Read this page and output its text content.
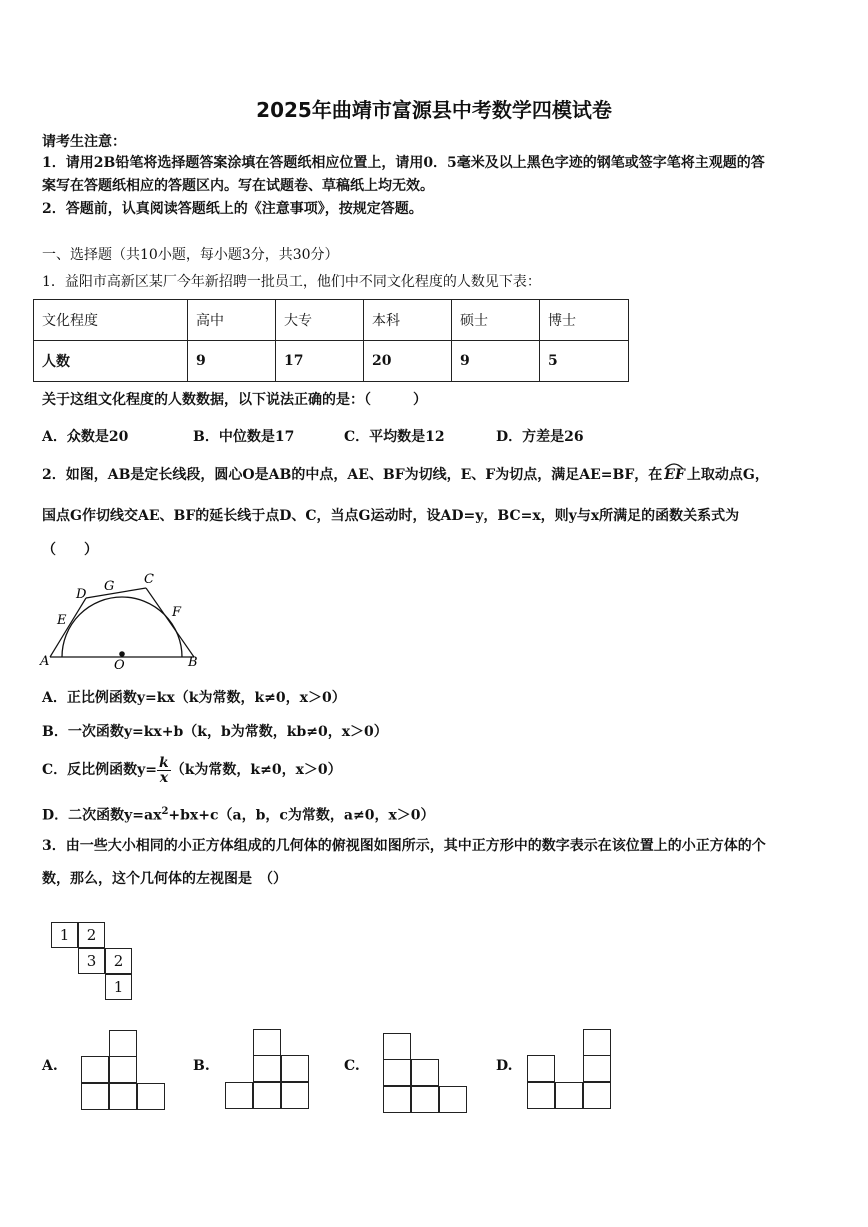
2025年曲靖市富源县中考数学四模试卷
请考生注意：
1．请用2B铅笔将选择题答案涂填在答题纸相应位置上，请用0．5毫米及以上黑色字迹的钢笔或签字笔将主观题的答
案写在答题纸相应的答题区内。写在试题卷、草稿纸上均无效。
2．答题前，认真阅读答题纸上的《注意事项》，按规定答题。
一、选择题（共10小题，每小题3分，共30分）
1．益阳市高新区某厂今年新招聘一批员工，他们中不同文化程度的人数见下表：
文化程度	高中	大专	本科	硕士	博士
人数	9	17	20	9	5
关于这组文化程度的人数数据，以下说法正确的是：（　　　）
A．众数是20	B．中位数是17	C．平均数是12	D．方差是26
2．如图，AB是定长线段，圆心O是AB的中点，AE、BF为切线，E、F为切点，满足AE=BF，在 EF 上取动点G，
国点G作切线交AE、BF的延长线于点D、C，当点G运动时，设AD=y，BC=x，则y与x所满足的函数关系式为
（　　）
D
G C
E
F
A	O	B
A．正比例函数y=kx（k为常数，k≠0，x＞0）
B．一次函数y=kx+b（k，b为常数，kb≠0，x＞0）
C．反比例函数$y= \frac{k}{x} (k$为常数，k≠0，x＞0）
D．二次函数$y=ax^2+bx+c(a$，b，c为常数，a≠0，x＞0）
3．由一些大小相同的小正方体组成的几何体的俯视图如图所示，其中正方形中的数字表示在该位置上的小正方体的个
数，那么，这个几何体的左视图是　（）
1	2
3	2
1
A.	B.	C.	D.
